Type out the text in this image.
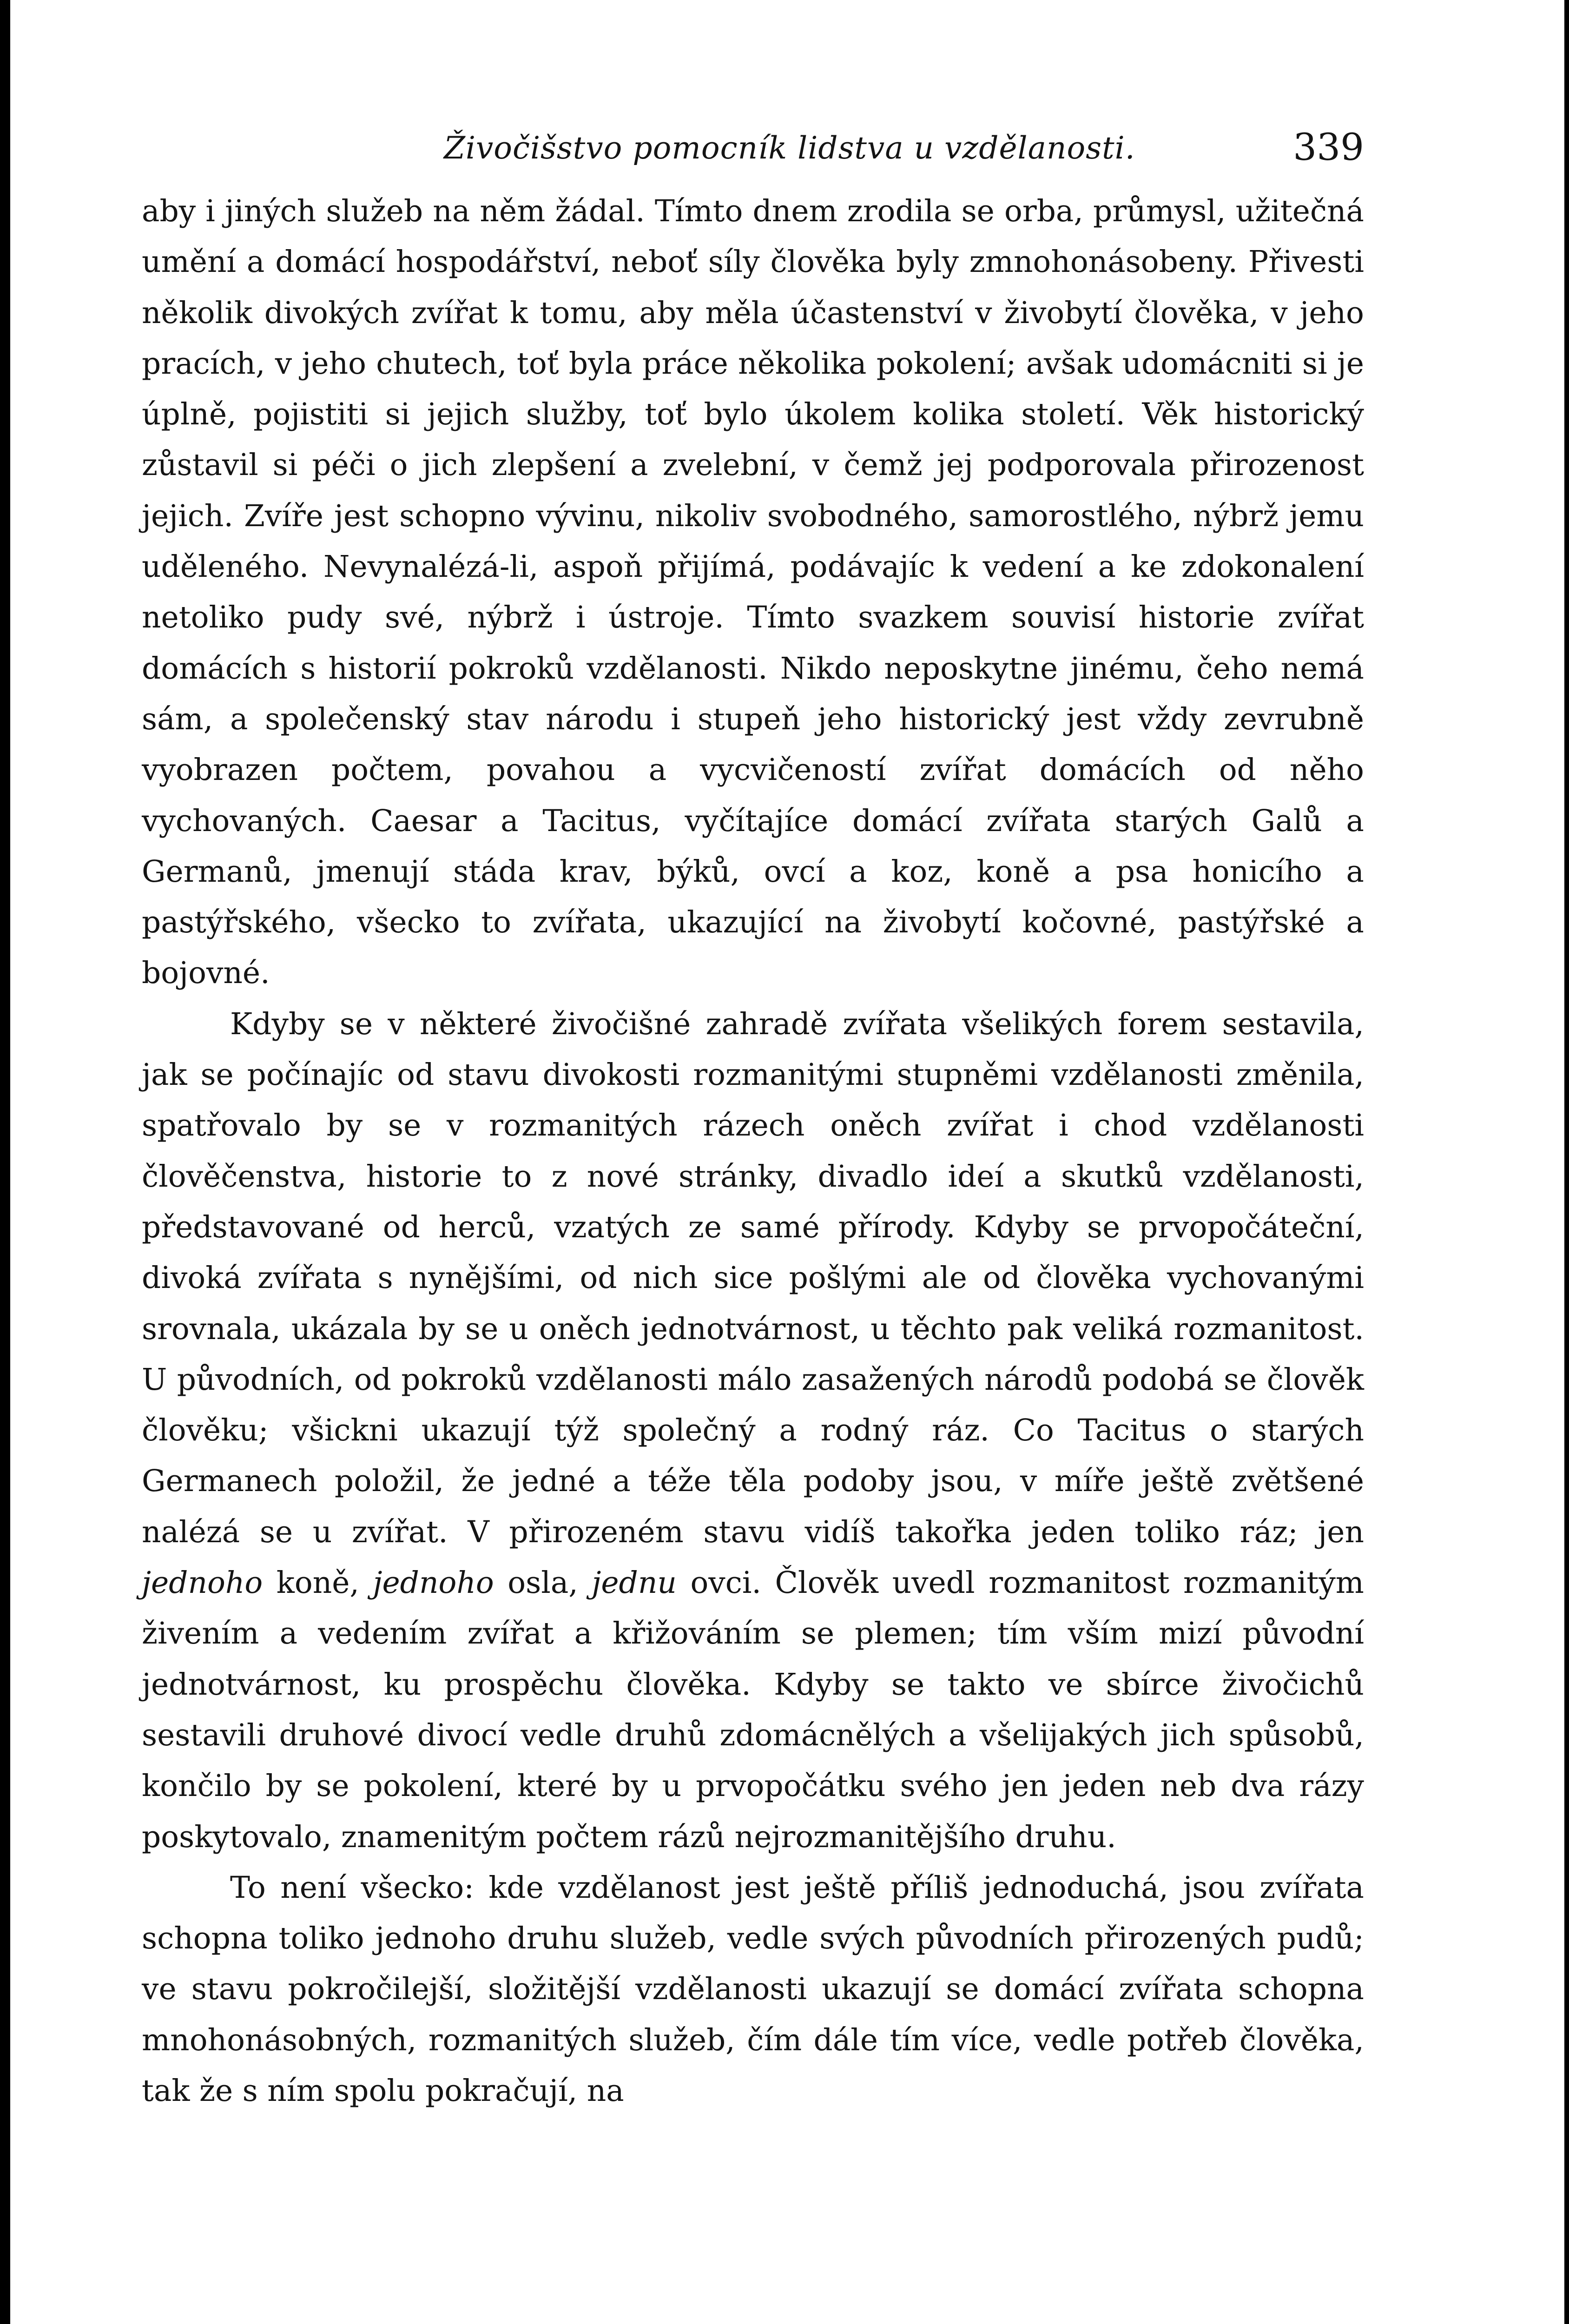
Živočišstvo pomocník lidstva u vzdělanosti.	339

aby i jiných služeb na něm žádal. Tímto dnem zrodila se orba, průmysl, užitečná umění a domácí hospodářství, neboť síly člověka byly zmnohonásobeny. Přivesti několik divokých zvířat k tomu, aby měla účastenství v živobytí člověka, v jeho pracích, v jeho chutech, toť byla práce několika pokolení; avšak udomácniti si je úplně, pojistiti si jejich služby, toť bylo úkolem kolika století. Věk historický zůstavil si péči o jich zlepšení a zvelební, v čemž jej podporovala přirozenost jejich. Zvíře jest schopno vývinu, nikoliv svobodného, samorostlého, nýbrž jemu uděleného. Nevynalézá-li, aspoň přijímá, podávajíc k vedení a ke zdokonalení netoliko pudy své, nýbrž i ústroje. Tímto svazkem souvisí historie zvířat domácích s historií pokroků vzdělanosti. Nikdo neposkytne jinému, čeho nemá sám, a společenský stav národu i stupeň jeho historický jest vždy zevrubně vyobrazen počtem, povahou a vycvičeností zvířat domácích od něho vychovaných. Caesar a Tacitus, vyčítajíce domácí zvířata starých Galů a Germanů, jmenují stáda krav, býků, ovcí a koz, koně a psa honicího a pastýřského, všecko to zvířata, ukazující na živobytí kočovné, pastýřské a bojovné.

Kdyby se v některé živočišné zahradě zvířata všelikých forem sestavila, jak se počínajíc od stavu divokosti rozmanitými stupněmi vzdělanosti změnila, spatřovalo by se v rozmanitých rázech oněch zvířat i chod vzdělanosti člověčenstva, historie to z nové stránky, divadlo ideí a skutků vzdělanosti, představované od herců, vzatých ze samé přírody. Kdyby se prvopočáteční, divoká zvířata s nynějšími, od nich sice pošlými ale od člověka vychovanými srovnala, ukázala by se u oněch jednotvárnost, u těchto pak veliká rozmanitost. U původních, od pokroků vzdělanosti málo zasažených národů podobá se člověk člověku; všickni ukazují týž společný a rodný ráz. Co Tacitus o starých Germanech položil, že jedné a téže těla podoby jsou, v míře ještě zvětšené nalézá se u zvířat. V přirozeném stavu vidíš takořka jeden toliko ráz; jen jednoho koně, jednoho osla, jednu ovci. Člověk uvedl rozmanitost rozmanitým živením a vedením zvířat a křižováním se plemen; tím vším mizí původní jednotvárnost, ku prospěchu člověka. Kdyby se takto ve sbírce živočichů sestavili druhové divocí vedle druhů zdomácnělých a všelijakých jich spůsobů, končilo by se pokolení, které by u prvopočátku svého jen jeden neb dva rázy poskytovalo, znamenitým počtem rázů nejrozmanitějšího druhu.

To není všecko: kde vzdělanost jest ještě příliš jednoduchá, jsou zvířata schopna toliko jednoho druhu služeb, vedle svých původních přirozených pudů; ve stavu pokročilejší, složitější vzdělanosti ukazují se domácí zvířata schopna mnohonásobných, rozmanitých služeb, čím dále tím více, vedle potřeb člověka, tak že s ním spolu pokračují, na
